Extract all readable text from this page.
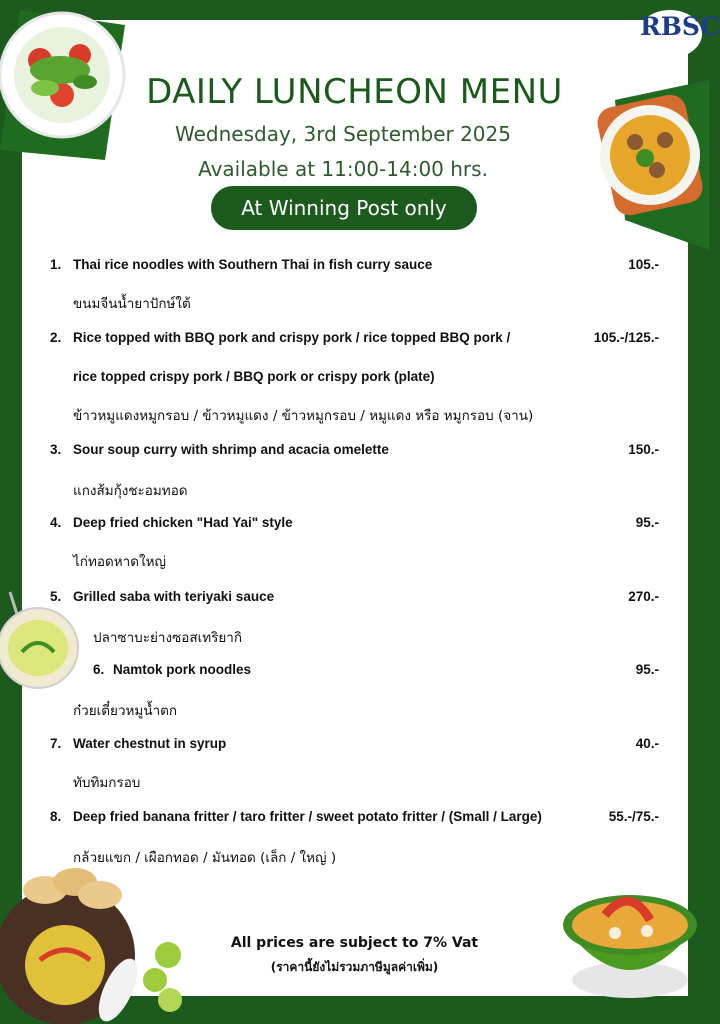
RBSC
DAILY LUNCHEON MENU
Wednesday, 3rd September 2025
Available at 11:00-14:00 hrs.
At Winning Post only
1. Thai rice noodles with Southern Thai in fish curry sauce	105.-
ขนมจีนน้ำยาปักษ์ใต้
2. Rice topped with BBQ pork and crispy pork / rice topped BBQ pork /	105.-/125.-
rice topped crispy pork / BBQ pork or crispy pork (plate)
ข้าวหมูแดงหมูกรอบ / ข้าวหมูแดง / ข้าวหมูกรอบ / หมูแดง หรือ หมูกรอบ (จาน)
3. Sour soup curry with shrimp and acacia omelette	150.-
แกงส้มกุ้งชะอมทอด
4. Deep fried chicken "Had Yai" style	95.-
ไก่ทอดหาดใหญ่
5. Grilled saba with teriyaki sauce	270.-
ปลาซาบะย่างซอสเทริยากิ
6. Namtok pork noodles	95.-
ก๋วยเตี๋ยวหมูน้ำตก
7. Water chestnut in syrup	40.-
ทับทิมกรอบ
8. Deep fried banana fritter / taro fritter / sweet potato fritter / (Small / Large)	55.-/75.-
กล้วยแขก / เผือกทอด / มันทอด (เล็ก / ใหญ่ )
All prices are subject to 7% Vat
(ราคานี้ยังไม่รวมภาษีมูลค่าเพิ่ม)
